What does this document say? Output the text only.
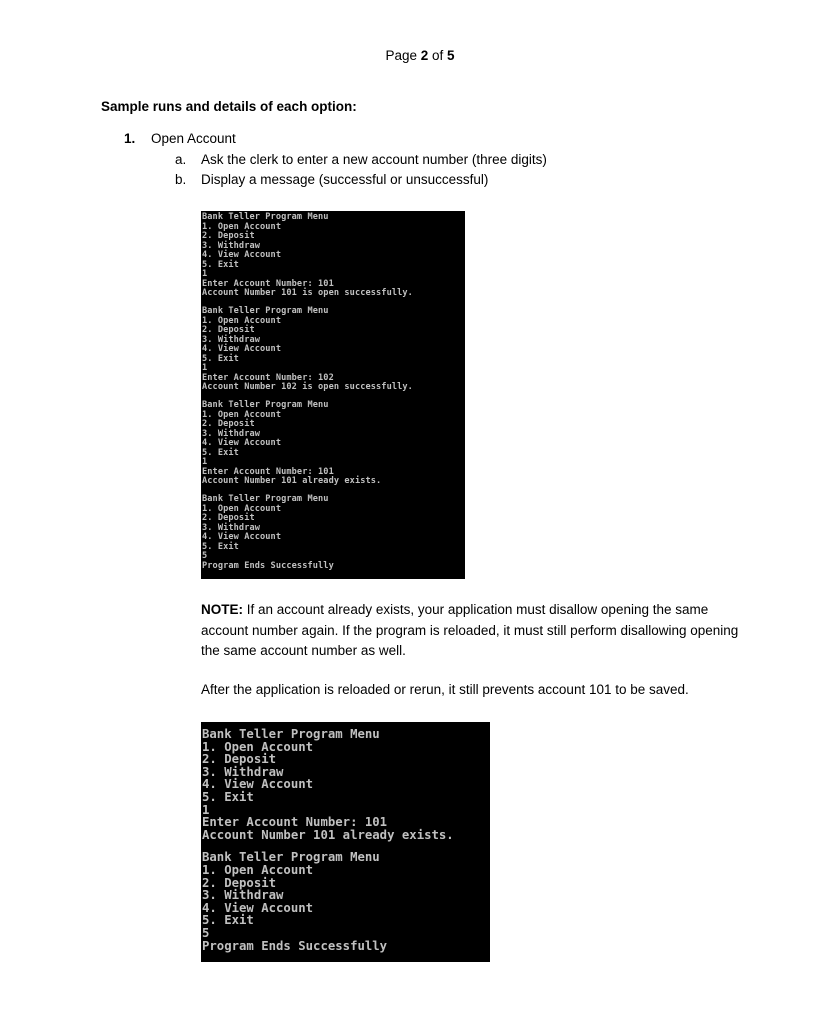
Page 2 of 5
Sample runs and details of each option:
1. Open Account
a. Ask the clerk to enter a new account number (three digits)
b. Display a message (successful or unsuccessful)
Bank Teller Program Menu
1. Open Account
2. Deposit
3. Withdraw
4. View Account
5. Exit
1
Enter Account Number: 101
Account Number 101 is open successfully.
Bank Teller Program Menu
1. Open Account
2. Deposit
3. Withdraw
4. View Account
5. Exit
1
Enter Account Number: 102
Account Number 102 is open successfully.
Bank Teller Program Menu
1. Open Account
2. Deposit
3. Withdraw
4. View Account
5. Exit
1
Enter Account Number: 101
Account Number 101 already exists.
Bank Teller Program Menu
1. Open Account
2. Deposit
3. Withdraw
4. View Account
5. Exit
5
Program Ends Successfully
NOTE: If an account already exists, your application must disallow opening the same account number again. If the program is reloaded, it must still perform disallowing opening the same account number as well.
After the application is reloaded or rerun, it still prevents account 101 to be saved.
Bank Teller Program Menu
1. Open Account
2. Deposit
3. Withdraw
4. View Account
5. Exit
1
Enter Account Number: 101
Account Number 101 already exists.
Bank Teller Program Menu
1. Open Account
2. Deposit
3. Withdraw
4. View Account
5. Exit
5
Program Ends Successfully
